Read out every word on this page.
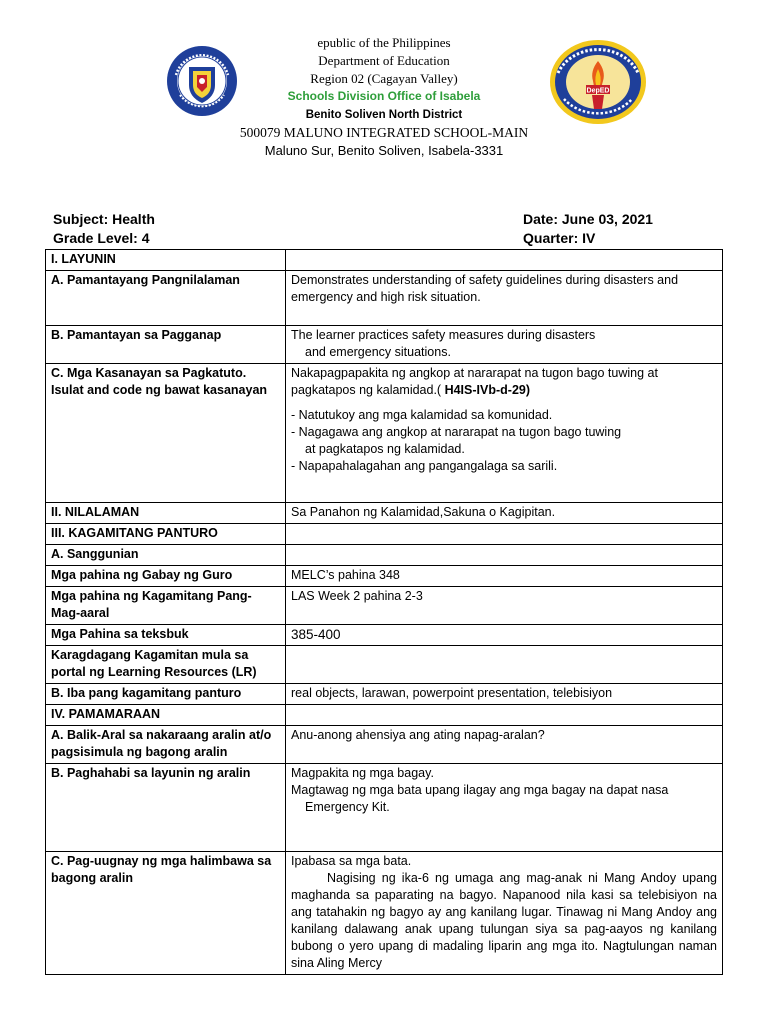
epublic of the Philippines
Department of Education
Region 02 (Cagayan Valley)
Schools Division Office of Isabela
Benito Soliven North District
500079 MALUNO INTEGRATED SCHOOL-MAIN
Maluno Sur, Benito Soliven, Isabela-3331
DepED
Subject: Health
Grade Level: 4
Date: June 03, 2021
Quarter: IV
I. LAYUNIN	
A. Pamantayang Pangnilalaman	Demonstrates understanding of safety guidelines during disasters and emergency and high risk situation.
B. Pamantayan sa Pagganap	The learner practices safety measures during disasters
and emergency situations.

C. Mga Kasanayan sa Pagkatuto. Isulat and code ng bawat kasanayan	Nakapagpapakita ng angkop at nararapat na tugon bago tuwing at pagkatapos ng kalamidad.( H4IS-IVb-d-29)
- Natutukoy ang mga kalamidad sa komunidad.
- Nagagawa ang angkop at nararapat na tugon bago tuwing
at pagkatapos ng kalamidad.
- Napapahalagahan ang pangangalaga sa sarili.

II. NILALAMAN	Sa Panahon ng Kalamidad,Sakuna o Kagipitan.
III. KAGAMITANG PANTURO	
A. Sanggunian	
Mga pahina ng Gabay ng Guro	MELC’s pahina 348
Mga pahina ng Kagamitang Pang-Mag-aaral	LAS Week 2 pahina 2-3
Mga Pahina sa teksbuk	385-400
Karagdagang Kagamitan mula sa portal ng Learning Resources (LR)	
B. Iba pang kagamitang panturo	real objects, larawan, powerpoint presentation, telebisiyon
IV. PAMAMARAAN	
A. Balik-Aral sa nakaraang aralin at/o pagsisimula ng bagong aralin	Anu-anong ahensiya ang ating napag-aralan?
B. Paghahabi sa layunin ng aralin	Magpakita ng mga bagay.
Magtawag ng mga bata upang ilagay ang mga bagay na dapat nasa
Emergency Kit.

C. Pag-uugnay ng mga halimbawa sa bagong aralin	Ipabasa sa mga bata.
Nagising ng ika-6 ng umaga ang mag-anak ni Mang Andoy upang maghanda sa paparating na bagyo. Napanood nila kasi sa telebisiyon na ang tatahakin ng bagyo ay ang kanilang lugar. Tinawag ni Mang Andoy ang kanilang dalawang anak upang tulungan siya sa pag-aayos ng kanilang bubong o yero upang di madaling liparin ang mga ito. Nagtulungan naman sina Aling Mercy
